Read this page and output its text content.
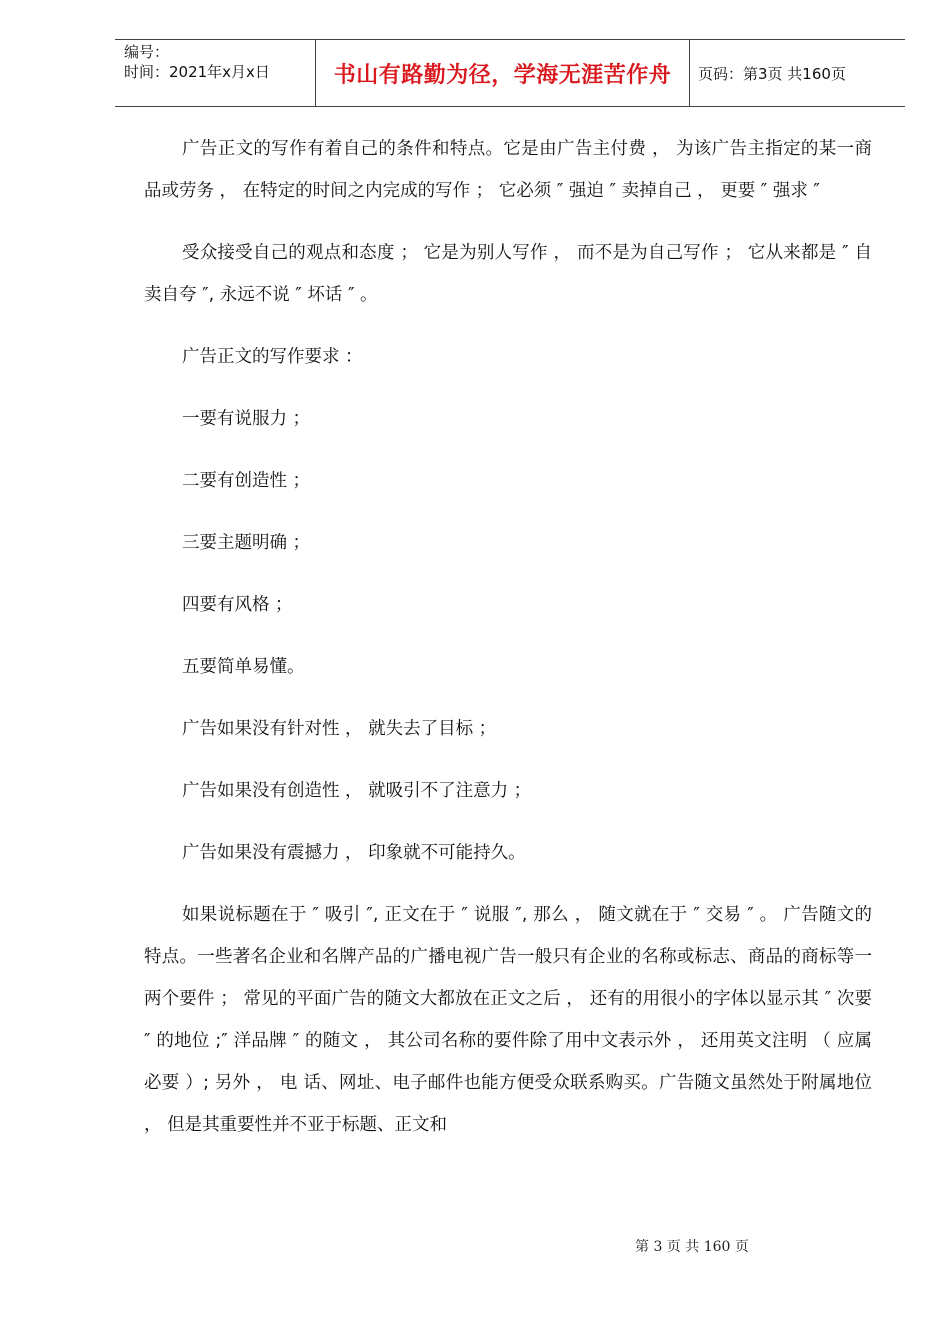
编号：
时间：2021年x月x日	书山有路勤为径，学海无涯苦作舟	页码：第3页 共160页

广告正文的写作有着自己的条件和特点。它是由广告主付费 ， 为该广告主指定的某一商品或劳务 ， 在特定的时间之内完成的写作 ； 它必须 ″ 强迫 ″ 卖掉自己 ， 更要 ″ 强求 ″

受众接受自己的观点和态度 ； 它是为别人写作 ， 而不是为自己写作 ； 它从来都是 ″ 自卖自夸 ″, 永远不说 ″ 坏话 ″ 。

广告正文的写作要求 ：

一要有说服力 ；

二要有创造性 ；

三要主题明确 ；

四要有风格 ；

五要简单易懂。

广告如果没有针对性 ， 就失去了目标 ；

广告如果没有创造性 ， 就吸引不了注意力 ；

广告如果没有震撼力 ， 印象就不可能持久。

如果说标题在于 ″ 吸引 ″, 正文在于 ″ 说服 ″, 那么 ， 随文就在于 ″ 交易 ″ 。 广告随文的特点。一些著名企业和名牌产品的广播电视广告一般只有企业的名称或标志、商品的商标等一两个要件 ； 常见的平面广告的随文大都放在正文之后 ， 还有的用很小的字体以显示其 ″ 次要 ″ 的地位 ;″ 洋品牌 ″ 的随文 ， 其公司名称的要件除了用中文表示外 ， 还用英文注明 （ 应属必要 ）; 另外 ， 电 话、网址、电子邮件也能方便受众联系购买。广告随文虽然处于附属地位 ， 但是其重要性并不亚于标题、正文和

第 3 页 共 160 页
